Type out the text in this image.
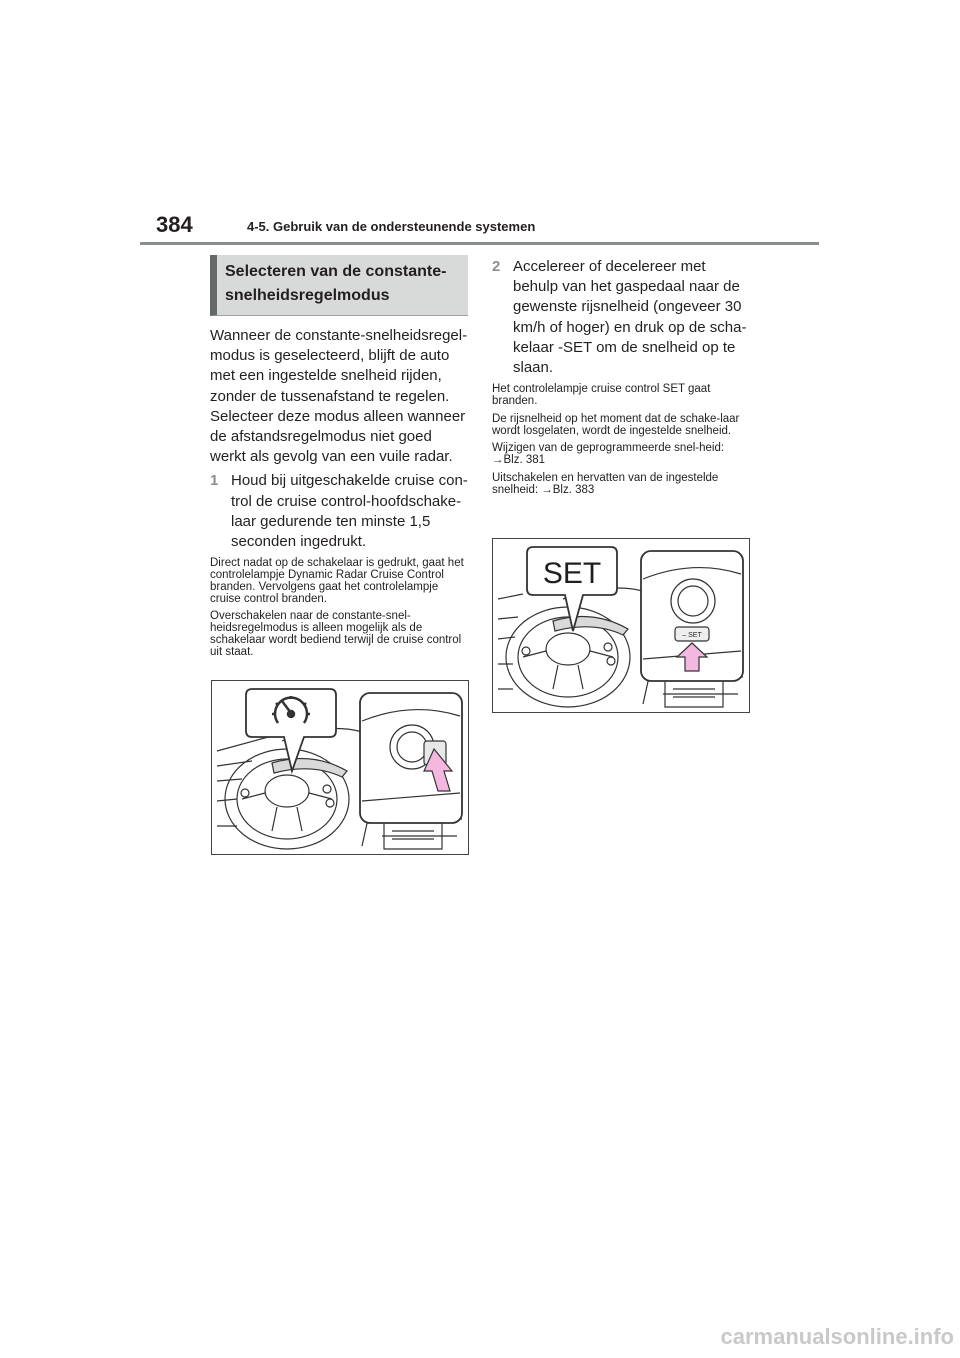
384	4-5. Gebruik van de ondersteunende systemen
Selecteren van de constante-snelheidsregelmodus

Wanneer de constante-snelheidsregel-modus is geselecteerd, blijft de auto met een ingestelde snelheid rijden, zonder de tussenafstand te regelen. Selecteer deze modus alleen wanneer de afstandsregelmodus niet goed werkt als gevolg van een vuile radar.

1 Houd bij uitgeschakelde cruise con-trol de cruise control-hoofdschake-laar gedurende ten minste 1,5 seconden ingedrukt.

Direct nadat op de schakelaar is gedrukt, gaat het controlelampje Dynamic Radar Cruise Control branden. Vervolgens gaat het controlelampje cruise control branden.

Overschakelen naar de constante-snel-heidsregelmodus is alleen mogelijk als de schakelaar wordt bediend terwijl de cruise control uit staat.

2 Accelereer of decelereer met behulp van het gaspedaal naar de gewenste rijsnelheid (ongeveer 30 km/h of hoger) en druk op de scha-kelaar -SET om de snelheid op te slaan.

Het controlelampje cruise control SET gaat branden.

De rijsnelheid op het moment dat de schake-laar wordt losgelaten, wordt de ingestelde snelheid.

Wijzigen van de geprogrammeerde snel-heid: →Blz. 381

Uitschakelen en hervatten van de ingestelde snelheid: →Blz. 383

SET
– SET
carmanualsonline.info
